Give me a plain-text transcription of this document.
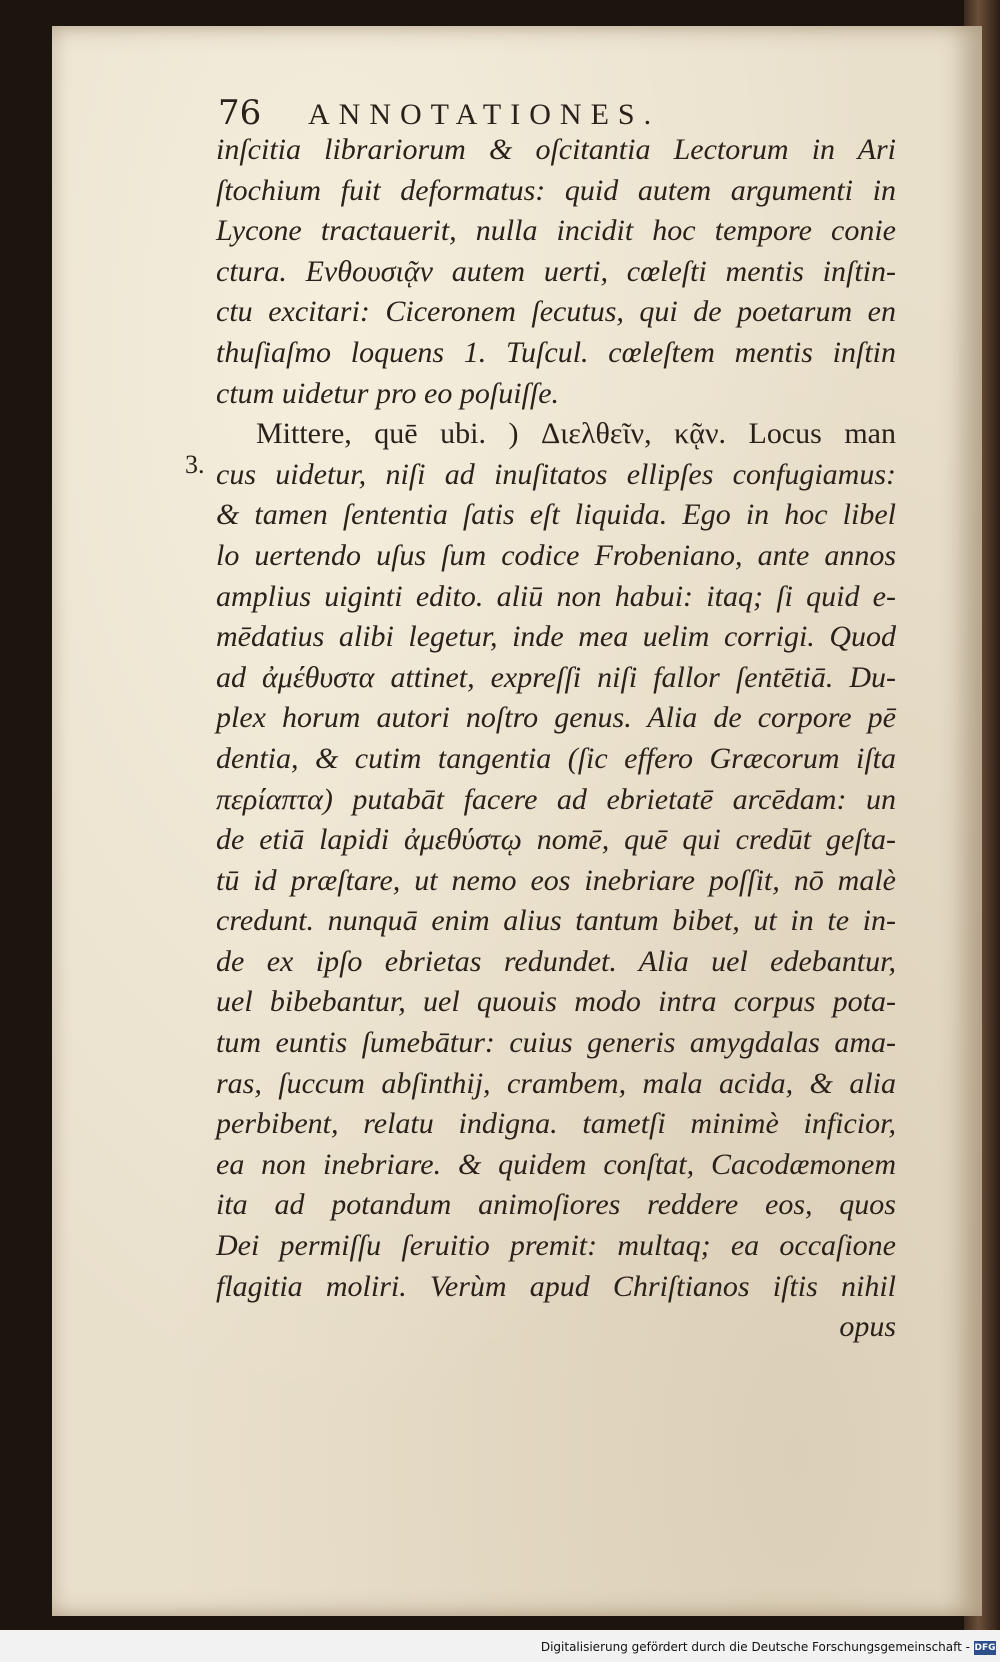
76	ANNOTATIONES.
3.
inſcitia librariorum & oſcitantia Lectorum in Ari
ſtochium fuit deformatus: quid autem argumenti in
Lycone tractauerit, nulla incidit hoc tempore conie
ctura. Ενθουσιᾷν autem uerti, cœleſti mentis inſtin-
ctu excitari: Ciceronem ſecutus, qui de poetarum en
thuſiaſmo loquens 1. Tuſcul. cœleſtem mentis inſtin
ctum uidetur pro eo poſuiſſe.
Mittere, quē ubi. ) Διελθεῖν, κᾷν. Locus man
cus uidetur, niſi ad inuſitatos ellipſes confugiamus:
& tamen ſententia ſatis eſt liquida. Ego in hoc libel
lo uertendo uſus ſum codice Frobeniano, ante annos
amplius uiginti edito. aliū non habui: itaq; ſi quid e-
mēdatius alibi legetur, inde mea uelim corrigi. Quod
ad ἀμέθυστα attinet, expreſſi niſi fallor ſentētiā. Du-
plex horum autori noſtro genus. Alia de corpore pē
dentia, & cutim tangentia (ſic effero Græcorum iſta
περίαπτα) putabāt facere ad ebrietatē arcēdam: un
de etiā lapidi ἀμεθύστῳ nomē, quē qui credūt geſta-
tū id præſtare, ut nemo eos inebriare poſſit, nō malè
credunt. nunquā enim alius tantum bibet, ut in te in-
de ex ipſo ebrietas redundet. Alia uel edebantur,
uel bibebantur, uel quouis modo intra corpus pota-
tum euntis ſumebātur: cuius generis amygdalas ama-
ras, ſuccum abſinthij, crambem, mala acida, & alia
perbibent, relatu indigna. tametſi minimè inficior,
ea non inebriare. & quidem conſtat, Cacodæmonem
ita ad potandum animoſiores reddere eos, quos
Dei permiſſu ſeruitio premit: multaq; ea occaſione
flagitia moliri. Verùm apud Chriſtianos iſtis nihil
opus
Digitalisierung gefördert durch die Deutsche Forschungsgemeinschaft - DFG
